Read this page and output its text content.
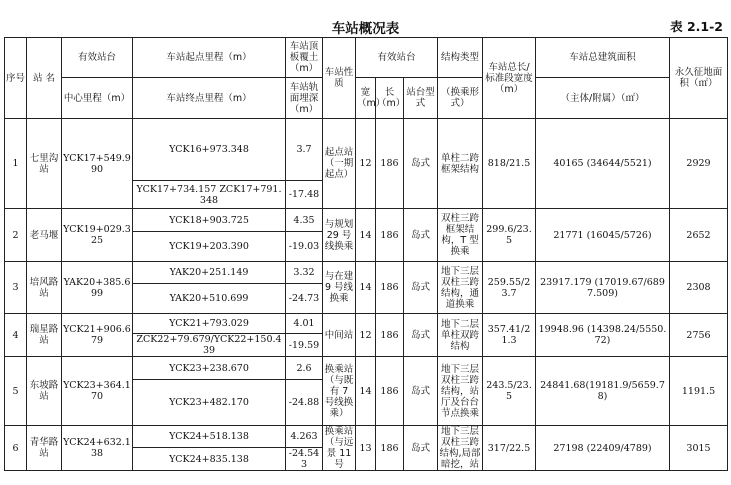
车站概况表	表 2.1-2
序号	站 名	有效站台	车站起点里程（m）	车站顶板覆土（m）	车站性质	有效站台			结构类型	车站总长/标准段宽度（m）	车站总建筑面积	永久征地面积（㎡）
		中心里程（m）	车站终点里程（m）	车站轨面埋深（m）		宽（m）	长（m）	站台型式	（换乘形式）		（主体/附属）（㎡）	
1	七里沟站	YCK17+549.990	YCK16+973.348	3.7	起点站（一期起点）	12	186	岛式	单柱二跨框架结构	818/21.5	40165 (34644/5521)	2929
			YCK17+734.157 ZCK17+791.348	-17.48								
2	老马堰	YCK19+029.325	YCK18+903.725	4.35	与规划 29 号线换乘	14	186	岛式	双柱三跨框架结构，T 型换乘	299.6/23.5	21771 (16045/5726)	2652
			YCK19+203.390	-19.03								
3	培风路站	YAK20+385.699	YAK20+251.149	3.32	与在建 9 号线换乘	14	186	岛式	地下三层双柱三跨结构，通道换乘	259.55/23.7	23917.179 (17019.67/6897.509)	2308
			YAK20+510.699	-24.73								
4	瑞星路站	YCK21+906.679	YCK21+793.029	4.01	中间站	12	186	岛式	地下二层单柱双跨结构	357.41/21.3	19948.96 (14398.24/5550.72)	2756
			ZCK22+79.679/YCK22+150.439	-19.59								
5	东坡路站	YCK23+364.170	YCK23+238.670	2.6	换乘站（与既有 7 号线换乘）	14	186	岛式	地下三层双柱三跨结构，站厅及台台节点换乘	243.5/23.5	24841.68(19181.9/5659.78)	1191.5
			YCK23+482.170	-24.88								
6	青华路站	YCK24+632.138	YCK24+518.138	4.263	换乘站（与远景 11 号	13	186	岛式	地下三层双柱三跨结构,局部暗挖，站	317/22.5	27198 (22409/4789)	3015
			YCK24+835.138	-24.543								
